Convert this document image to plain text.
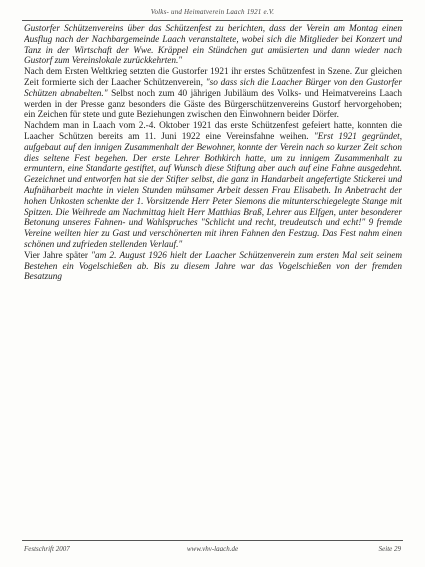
Volks- und Heimatverein Laach 1921 e.V.

Gustorfer Schützenvereins über das Schützenfest zu berichten, dass der Verein am Montag einen Ausflug nach der Nachbargemeinde Laach veranstaltete, wobei sich die Mitglieder bei Konzert und Tanz in der Wirtschaft der Wwe. Kräppel ein Stündchen gut amüsierten und dann wieder nach Gustorf zum Vereinslokale zurückkehrten."

Nach dem Ersten Weltkrieg setzten die Gustorfer 1921 ihr erstes Schützenfest in Szene. Zur gleichen Zeit formierte sich der Laacher Schützenverein, "so dass sich die Laacher Bürger von den Gustorfer Schützen abnabelten." Selbst noch zum 40 jährigen Jubiläum des Volks- und Heimatvereins Laach werden in der Presse ganz besonders die Gäste des Bürgerschützenvereins Gustorf hervorgehoben; ein Zeichen für stete und gute Beziehungen zwischen den Einwohnern beider Dörfer.

Nachdem man in Laach vom 2.-4. Oktober 1921 das erste Schützenfest gefeiert hatte, konnten die Laacher Schützen bereits am 11. Juni 1922 eine Vereinsfahne weihen. "Erst 1921 gegründet, aufgebaut auf den innigen Zusammenhalt der Bewohner, konnte der Verein nach so kurzer Zeit schon dies seltene Fest begehen. Der erste Lehrer Bothkirch hatte, um zu innigem Zusammenhalt zu ermuntern, eine Standarte gestiftet, auf Wunsch diese Stiftung aber auch auf eine Fahne ausgedehnt. Gezeichnet und entworfen hat sie der Stifter selbst, die ganz in Handarbeit angefertigte Stickerei und Aufnäharbeit machte in vielen Stunden mühsamer Arbeit dessen Frau Elisabeth. In Anbetracht der hohen Unkosten schenkte der 1. Vorsitzende Herr Peter Siemons die mitunterschiegelegte Stange mit Spitzen. Die Weihrede am Nachmittag hielt Herr Matthias Braß, Lehrer aus Elfgen, unter besonderer Betonung unseres Fahnen- und Wahlspruches "Schlicht und recht, treudeutsch und echt!" 9 fremde Vereine weilten hier zu Gast und verschönerten mit ihren Fahnen den Festzug. Das Fest nahm einen schönen und zufrieden stellenden Verlauf."

Vier Jahre später "am 2. August 1926 hielt der Laacher Schützenverein zum ersten Mal seit seinem Bestehen ein Vogelschießen ab. Bis zu diesem Jahre war das Vogelschießen von der fremden Besatzung

Festschrift 2007	www.vhv-laach.de	Seite 29
